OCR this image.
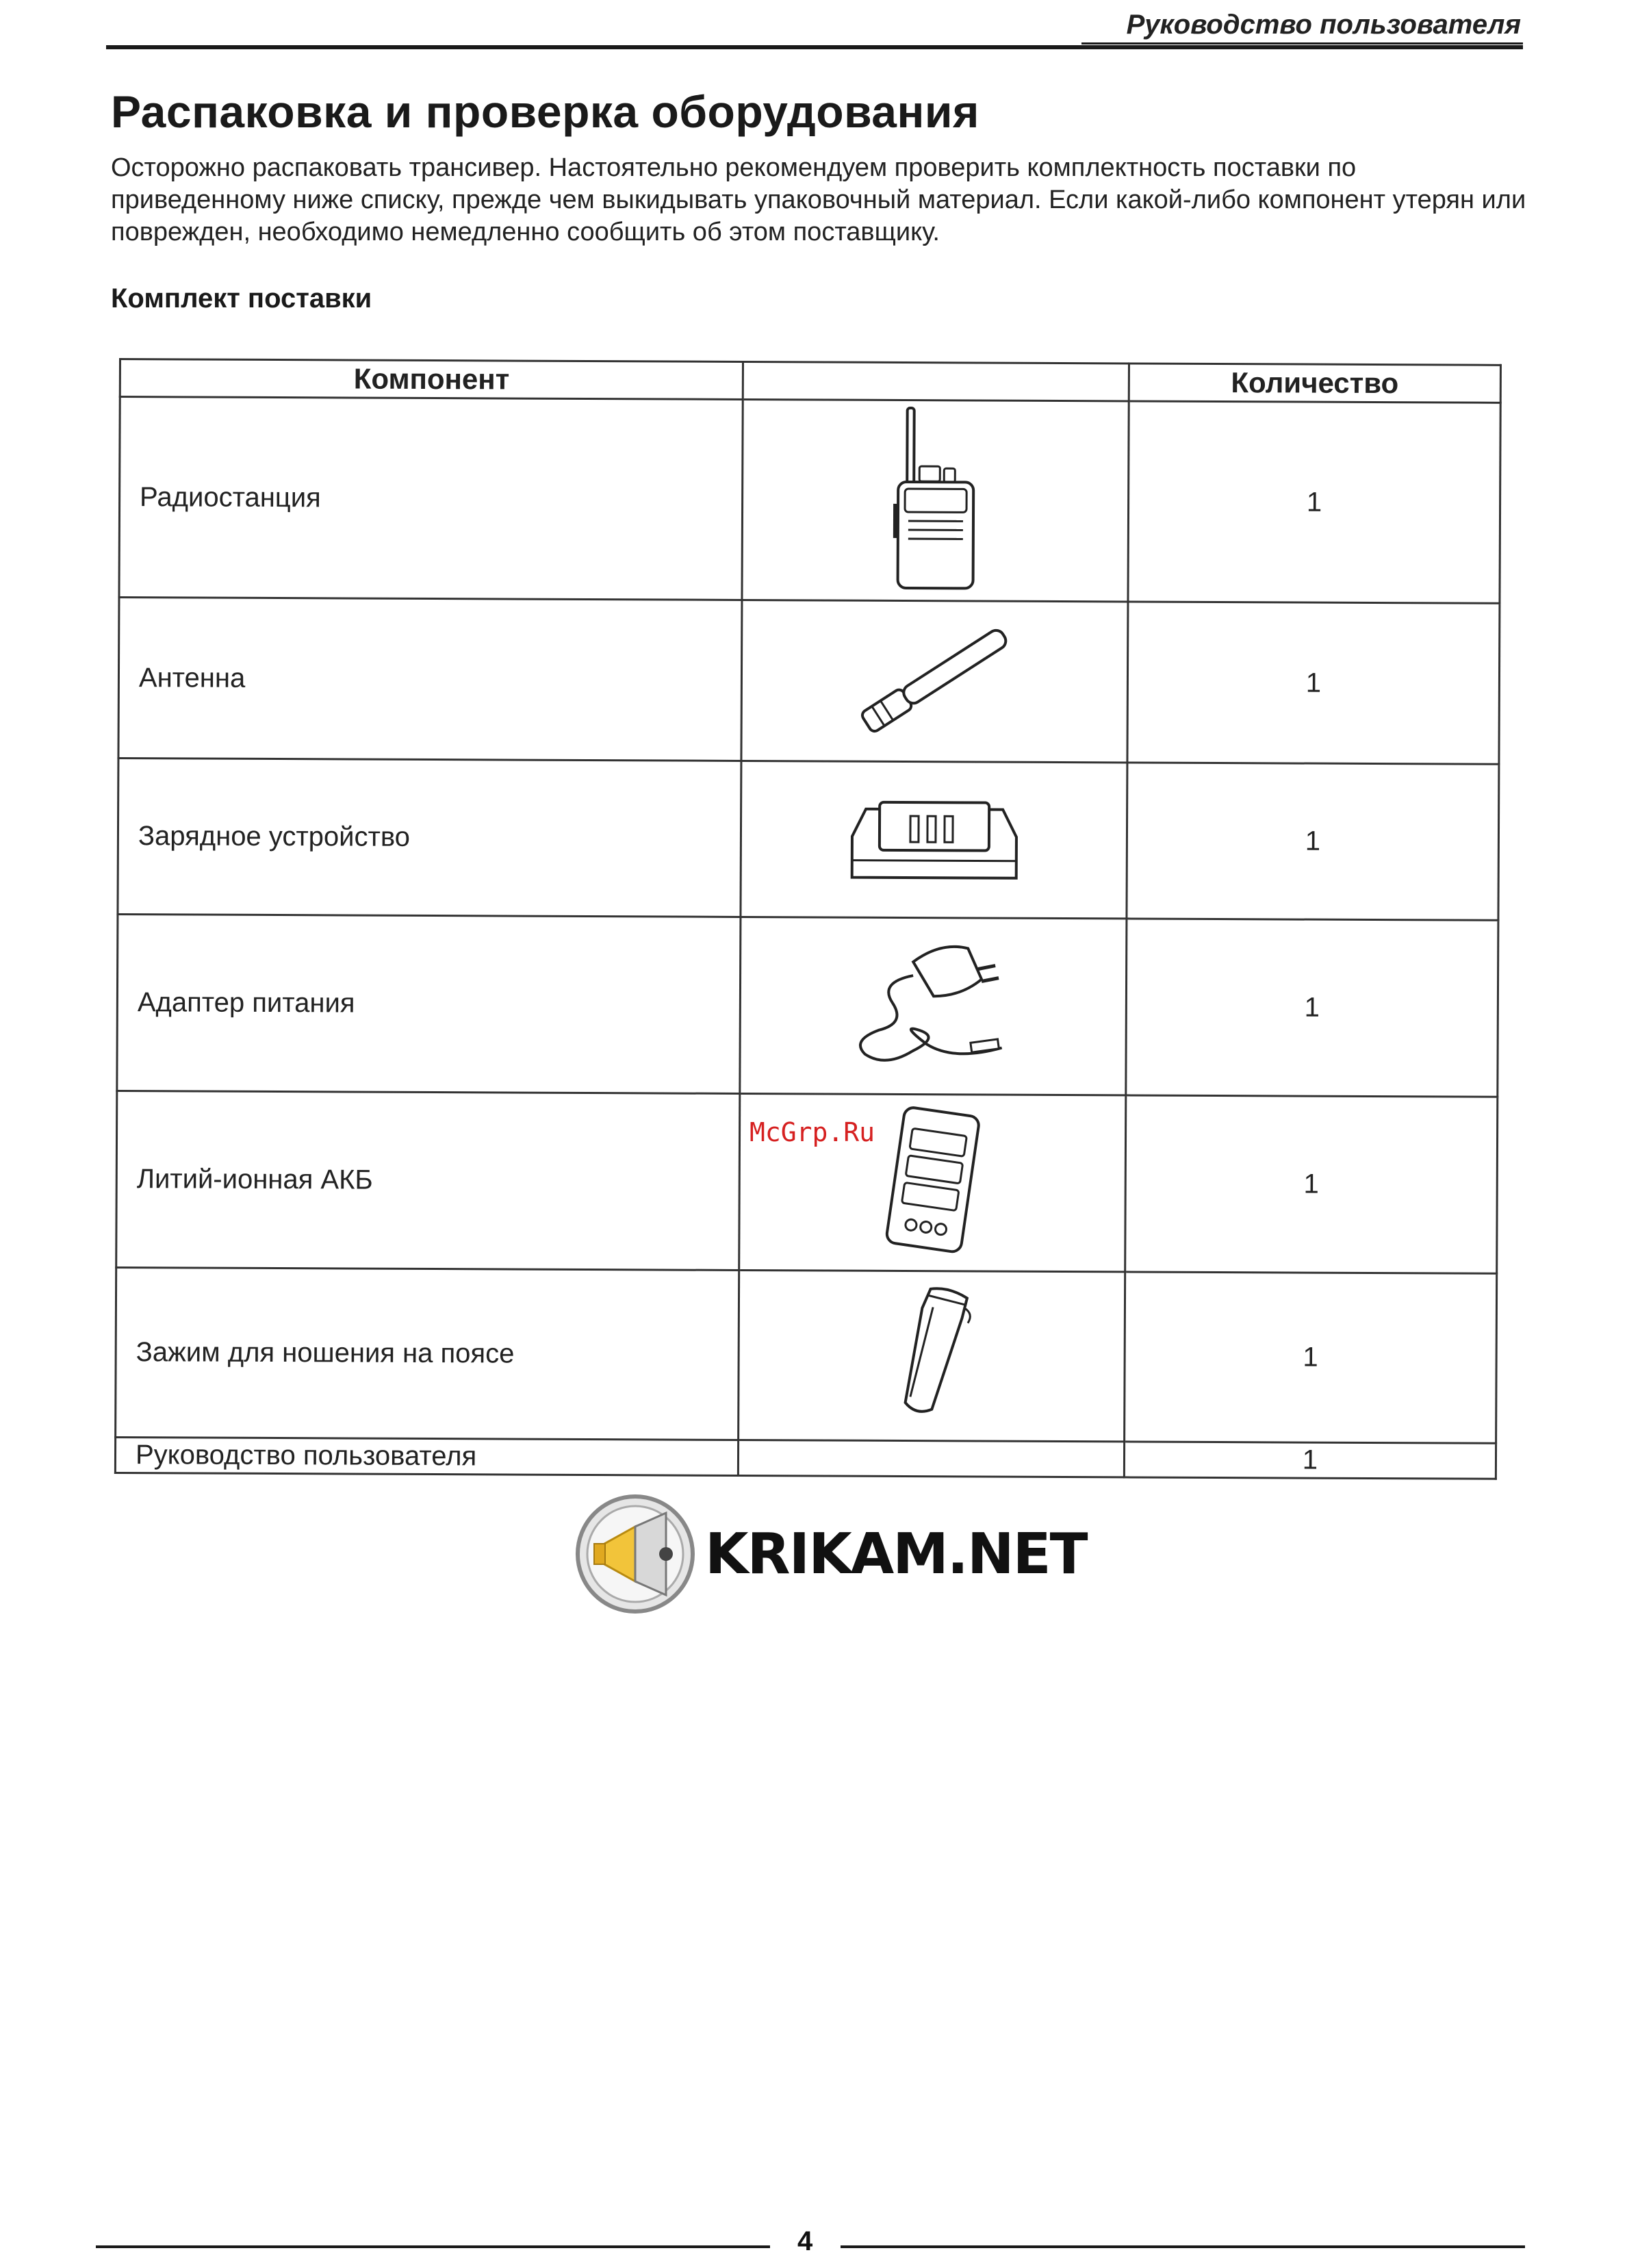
Руководство пользователя
Распаковка и проверка оборудования

Осторожно распаковать трансивер. Настоятельно рекомендуем проверить комплектность поставки по приведенному ниже списку, прежде чем выкидывать упаковочный материал. Если какой-либо компонент утерян или поврежден, необходимо немедленно сообщить об этом поставщику.

Комплект поставки
Компонент		Количество
Радиостанция		1
Антенна		1
Зарядное устройство		1
Адаптер питания		1
Литий-ионная АКБ		1
Зажим для ношения на поясе		1
Руководство пользователя		1
McGrp.Ru
KRIKAM.NET
4
